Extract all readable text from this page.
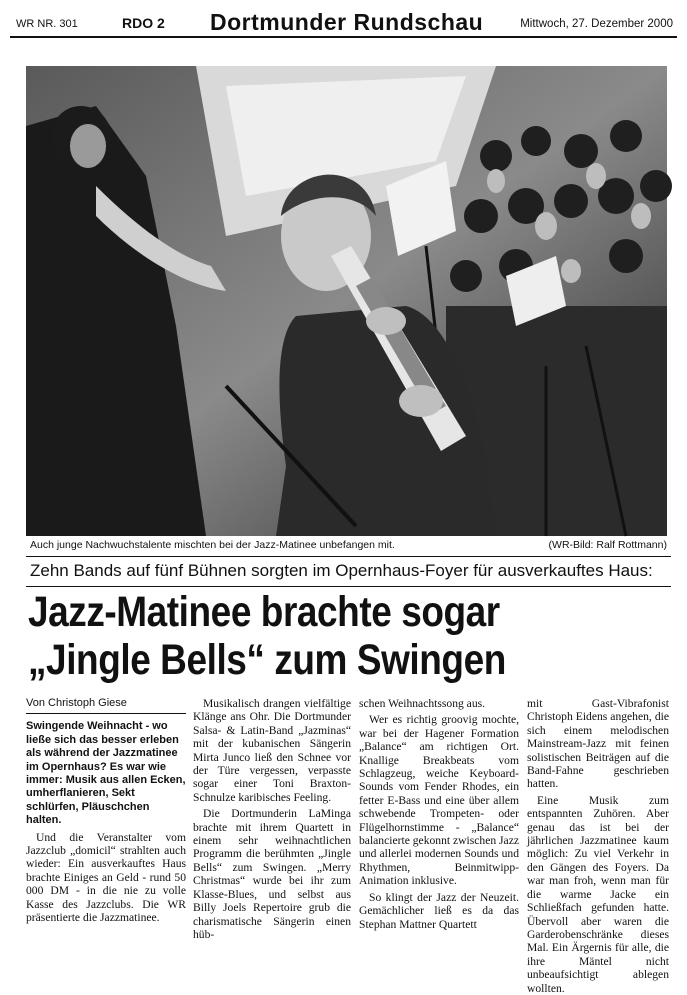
WR NR. 301	RDO 2 Dortmunder Rundschau	Mittwoch, 27. Dezember 2000
Auch junge Nachwuchstalente mischten bei der Jazz-Matinee unbefangen mit.	(WR-Bild: Ralf Rottmann)
Zehn Bands auf fünf Bühnen sorgten im Opernhaus-Foyer für ausverkauftes Haus:
Jazz-Matinee brachte sogar
„Jingle Bells“ zum Swingen
Von Christoph Giese

Swingende Weihnacht - wo ließe sich das besser erleben als während der Jazzmatinee im Opernhaus? Es war wie immer: Musik aus allen Ecken, umherflanieren, Sekt schlürfen, Pläuschchen halten.

Und die Veranstalter vom Jazzclub „domicil“ strahlten auch wieder: Ein ausverkauftes Haus brachte Einiges an Geld - rund 50 000 DM - in die nie zu volle Kasse des Jazzclubs. Die WR präsentierte die Jazzmatinee.

Musikalisch drangen vielfältige Klänge ans Ohr. Die Dortmunder Salsa- & Latin-Band „Jazminas“ mit der kubanischen Sängerin Mirta Junco ließ den Schnee vor der Türe vergessen, verpasste sogar einer Toni Braxton-Schnulze karibisches Feeling.

Die Dortmunderin LaMinga brachte mit ihrem Quartett in einem sehr weihnachtlichen Programm die berühmten „Jingle Bells“ zum Swingen. „Merry Christmas“ wurde bei ihr zum Klasse-Blues, und selbst aus Billy Joels Repertoire grub die charismatische Sängerin einen hüb-

schen Weihnachtssong aus.

Wer es richtig groovig mochte, war bei der Hagener Formation „Balance“ am richtigen Ort. Knallige Breakbeats vom Schlagzeug, weiche Keyboard-Sounds vom Fender Rhodes, ein fetter E-Bass und eine über allem schwebende Trompeten- oder Flügelhornstimme - „Balance“ balancierte gekonnt zwischen Jazz und allerlei modernen Sounds und Rhythmen, Beinmitwipp-Animation inklusive.

So klingt der Jazz der Neuzeit. Gemächlicher ließ es da das Stephan Mattner Quartett

mit Gast-Vibrafonist Christoph Eidens angehen, die sich einem melodischen Mainstream-Jazz mit feinen solistischen Beiträgen auf die Band-Fahne geschrieben hatten.

Eine Musik zum entspannten Zuhören. Aber genau das ist bei der jährlichen Jazzmatinee kaum möglich: Zu viel Verkehr in den Gängen des Foyers. Da war man froh, wenn man für die warme Jacke ein Schließfach gefunden hatte. Übervoll aber waren die Garderobenschränke dieses Mal. Ein Ärgernis für alle, die ihre Mäntel nicht unbeaufsichtigt ablegen wollten.
